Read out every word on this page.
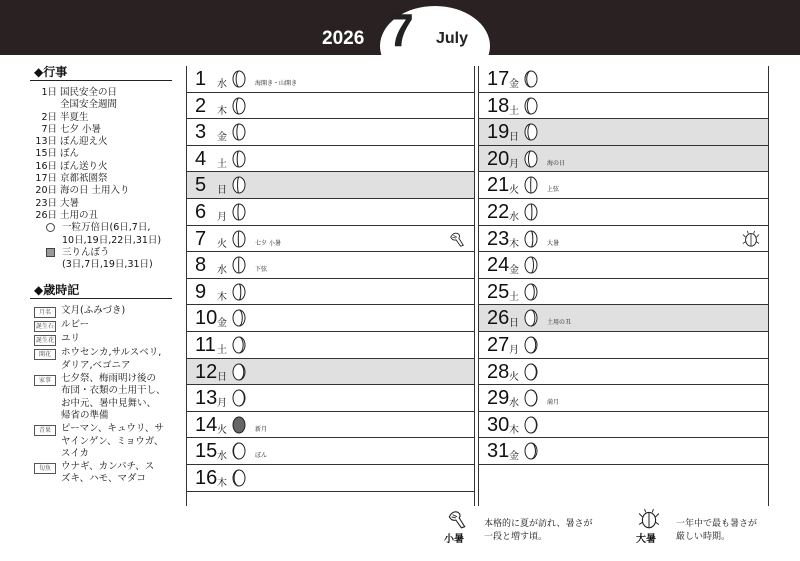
2026 7	July
◆行事
1日 国民安全の日
全国安全週間
2日 半夏生
7日 七夕 小暑
13日 ぼん迎え火
15日 ぼん
16日 ぼん送り火
17日 京都祇園祭
20日 海の日 土用入り
23日 大暑
26日 土用の丑
一粒万倍日(6日,7日,
10日,19日,22日,31日)
三りんぼう
(3日,7日,19日,31日)
◆歳時記
月名	文月(ふみづき)
誕生石 ルビー
誕生花 ユリ
開花	ホウセンカ,サルスベリ,
ダリア,ベゴニア
家事	七夕祭、梅雨明け後の
布団・衣類の土用干し、
お中元、暑中見舞い、
帰省の準備
青果	ピーマン、キュウリ、サ
ヤインゲン、ミョウガ、
スイカ
旬魚	ウナギ、カンパチ、ス
ズキ、ハモ、マダコ
1 水	海開き・山開き
2 木
3 金
4 土
5 日
6 月
7 火	七夕 小暑
8 水	下弦
9 木
10 金
11 土
12 日
13 月
14 火	新月
15 水	ぼん
16 木
17 金
18 土
19 日
20 月	海の日
21 火	上弦
22 水
23 木	大暑
24 金
25 土
26 日	土用の丑
27 月
28 火
29 水	満月
30 木
31 金
小暑
本格的に夏が訪れ、暑さが
一段と増す頃。	大暑
一年中で最も暑さが
厳しい時期。
